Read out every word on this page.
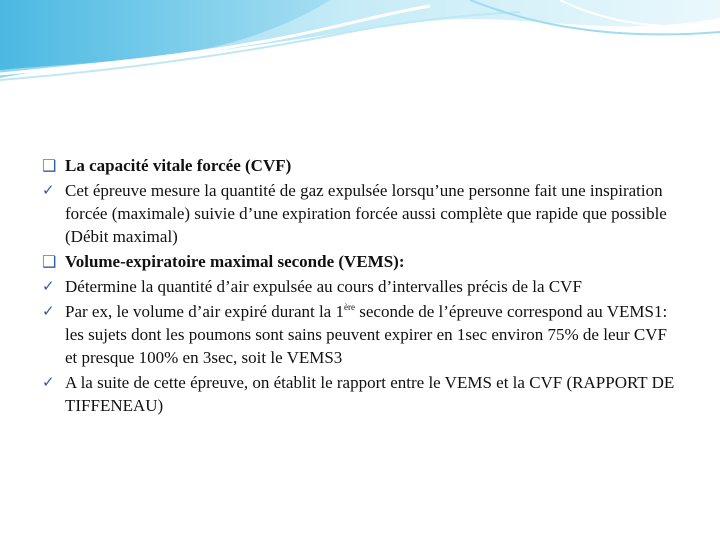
❑ La capacité vitale forcée (CVF)
✓ Cet épreuve mesure la quantité de gaz expulsée lorsqu’une personne fait une inspiration forcée (maximale) suivie d’une expiration forcée aussi complète que rapide que possible (Débit maximal)
❑ Volume-expiratoire maximal seconde (VEMS):
✓ Détermine la quantité d’air expulsée au cours d’intervalles précis de la CVF
✓ Par ex, le volume d’air expiré durant la 1ère seconde de l’épreuve correspond au VEMS1: les sujets dont les poumons sont sains peuvent expirer en 1sec environ 75% de leur CVF et presque 100% en 3sec, soit le VEMS3
✓ A la suite de cette épreuve, on établit le rapport entre le VEMS et la CVF (RAPPORT DE TIFFENEAU)
